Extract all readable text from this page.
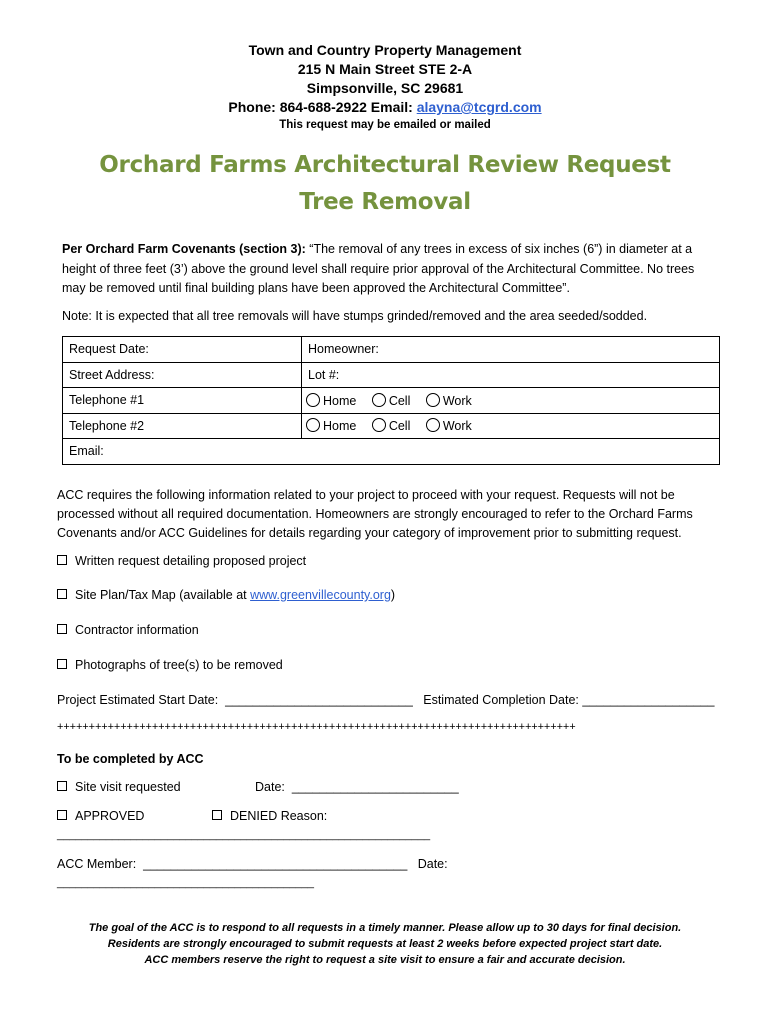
Town and Country Property Management
215 N Main Street STE 2-A
Simpsonville, SC 29681
Phone: 864-688-2922 Email: alayna@tcgrd.com
This request may be emailed or mailed
Orchard Farms Architectural Review Request
Tree Removal
Per Orchard Farm Covenants (section 3): “The removal of any trees in excess of six inches (6”) in diameter at a height of three feet (3’) above the ground level shall require prior approval of the Architectural Committee. No trees may be removed until final building plans have been approved the Architectural Committee”.
Note: It is expected that all tree removals will have stumps grinded/removed and the area seeded/sodded.
Request Date:	Homeowner:
Street Address:	Lot #:
Telephone #1	Home Cell Work
Telephone #2	Home Cell Work
Email:	
ACC requires the following information related to your project to proceed with your request. Requests will not be processed without all required documentation. Homeowners are strongly encouraged to refer to the Orchard Farms Covenants and/or ACC Guidelines for details regarding your category of improvement prior to submitting request.
Written request detailing proposed project
Site Plan/Tax Map (available at www.greenvillecounty.org)
Contractor information
Photographs of tree(s) to be removed
Project Estimated Start Date:  ___________________________   Estimated Completion Date: ___________________
++++++++++++++++++++++++++++++++++++++++++++++++++++++++++++++++++++++++++++++++++
To be completed by ACC
Site visit requested	Date:  ________________________
APPROVED	DENIED Reason:
_____________________________________________________________
ACC Member:  ______________________________________   Date:
__________________________________________
The goal of the ACC is to respond to all requests in a timely manner. Please allow up to 30 days for final decision.
Residents are strongly encouraged to submit requests at least 2 weeks before expected project start date.
ACC members reserve the right to request a site visit to ensure a fair and accurate decision.
